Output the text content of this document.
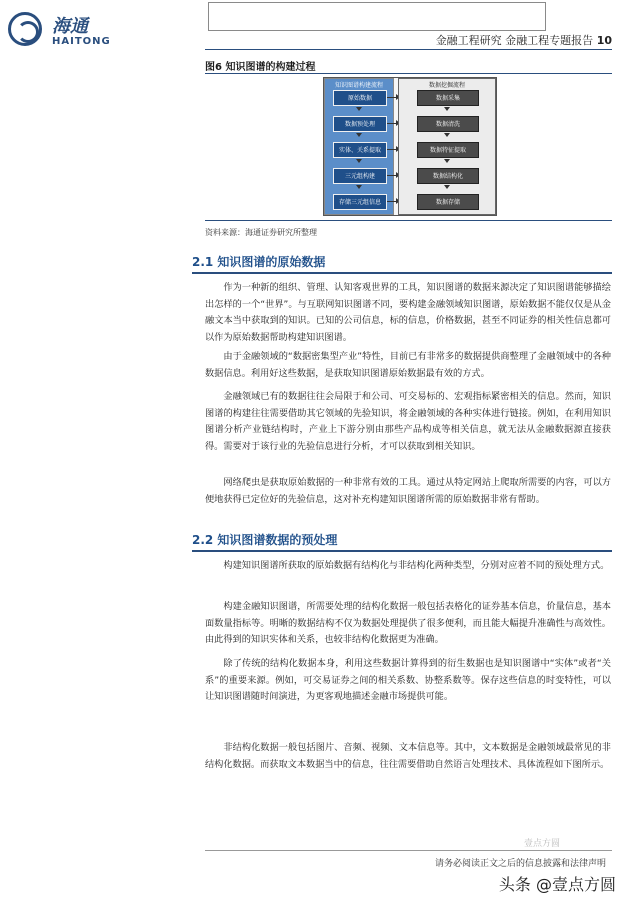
海通
HAITONG	金融工程研究 金融工程专题报告 10
图6 知识图谱的构建过程
知识图谱构建流程
原始数据
数据预处理
实体、关系提取
三元组构建
存储三元组信息
数据挖掘流程
数据采集
数据清洗
数据特征提取
数据结构化
数据存储
资料来源：海通证券研究所整理
2.1 知识图谱的原始数据
作为一种新的组织、管理、认知客观世界的工具，知识图谱的数据来源决定了知识图谱能够描绘出怎样的一个“世界”。与互联网知识图谱不同，要构建金融领域知识图谱，原始数据不能仅仅是从金融文本当中获取到的知识。已知的公司信息，标的信息，价格数据，甚至不同证券的相关性信息都可以作为原始数据帮助构建知识图谱。
由于金融领域的“数据密集型产业”特性，目前已有非常多的数据提供商整理了金融领域中的各种数据信息。利用好这些数据，是获取知识图谱原始数据最有效的方式。
金融领域已有的数据往往会局限于和公司、可交易标的、宏观指标紧密相关的信息。然而，知识图谱的构建往往需要借助其它领域的先验知识，将金融领域的各种实体进行链接。例如，在利用知识图谱分析产业链结构时，产业上下游分别由那些产品构成等相关信息，就无法从金融数据源直接获得。需要对于该行业的先验信息进行分析，才可以获取到相关知识。
网络爬虫是获取原始数据的一种非常有效的工具。通过从特定网站上爬取所需要的内容，可以方便地获得已定位好的先验信息，这对补充构建知识图谱所需的原始数据非常有帮助。
2.2 知识图谱数据的预处理
构建知识图谱所获取的原始数据有结构化与非结构化两种类型，分别对应着不同的预处理方式。
构建金融知识图谱，所需要处理的结构化数据一般包括表格化的证券基本信息，价量信息，基本面数量指标等。明晰的数据结构不仅为数据处理提供了很多便利，而且能大幅提升准确性与高效性。由此得到的知识实体和关系，也较非结构化数据更为准确。
除了传统的结构化数据本身，利用这些数据计算得到的衍生数据也是知识图谱中“实体”或者“关系”的重要来源。例如，可交易证券之间的相关系数、协整系数等。保存这些信息的时变特性，可以让知识图谱随时间演进，为更客观地描述金融市场提供可能。
非结构化数据一般包括图片、音频、视频、文本信息等。其中，文本数据是金融领域最常见的非结构化数据。而获取文本数据当中的信息，往往需要借助自然语言处理技术、具体流程如下图所示。
壹点方圆
请务必阅读正文之后的信息披露和法律声明
头条 @壹点方圆
